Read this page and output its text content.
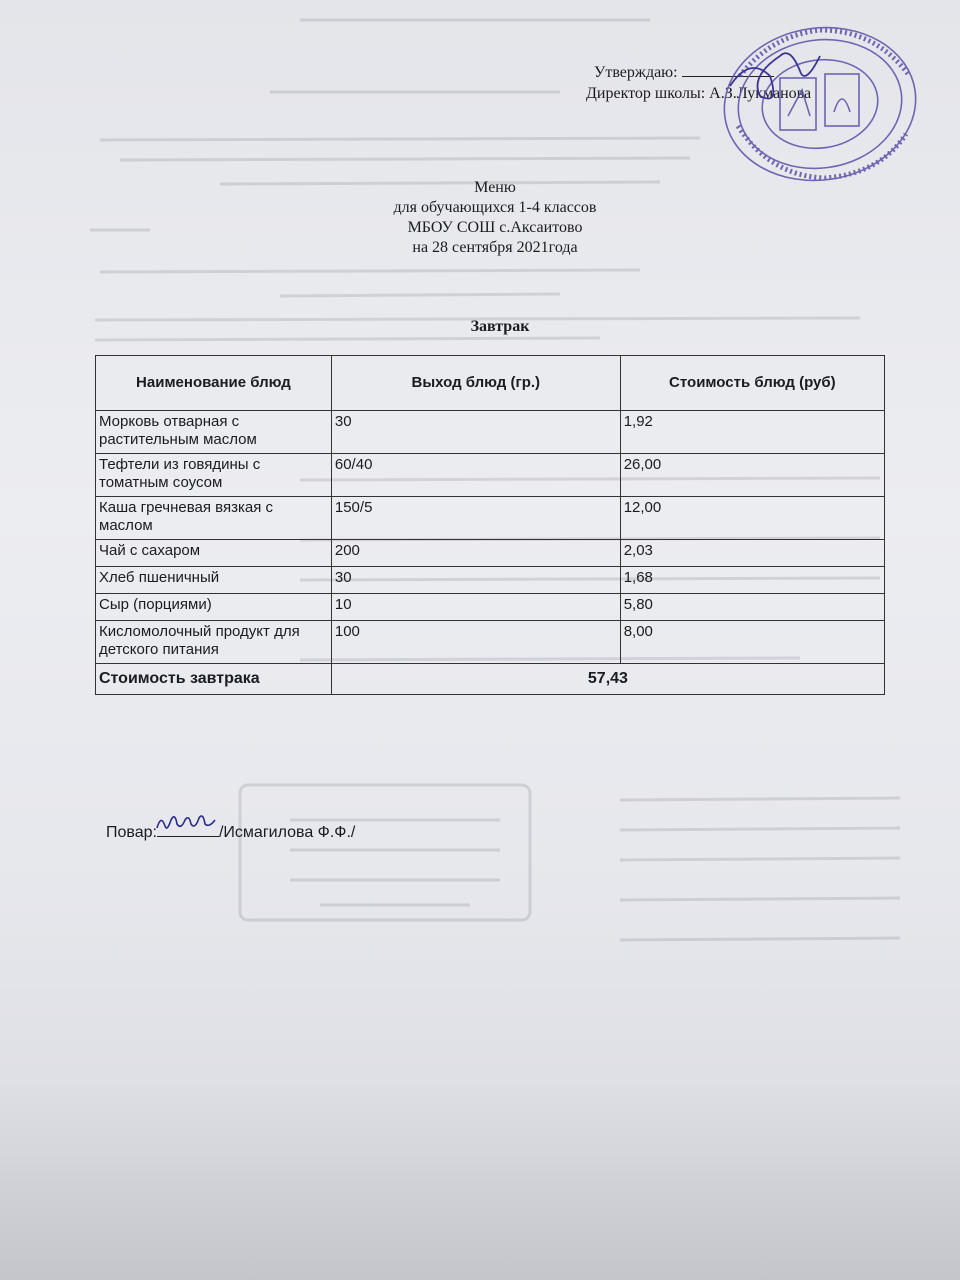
Утверждаю:
Директор школы: А.З.Лукманова
Меню
для обучающихся 1-4 классов
МБОУ СОШ с.Аксаитово
на 28 сентября 2021года
Завтрак
Наименование блюд	Выход блюд (гр.)	Стоимость блюд (руб)
Морковь отварная с растительным маслом	30	1,92
Тефтели из говядины с томатным соусом	60/40	26,00
Каша гречневая вязкая с маслом	150/5	12,00
Чай с сахаром	200	2,03
Хлеб пшеничный	30	1,68
Сыр (порциями)	10	5,80
Кисломолочный продукт для детского питания	100	8,00
Стоимость завтрака	57,43	
Повар:	/Исмагилова Ф.Ф./
